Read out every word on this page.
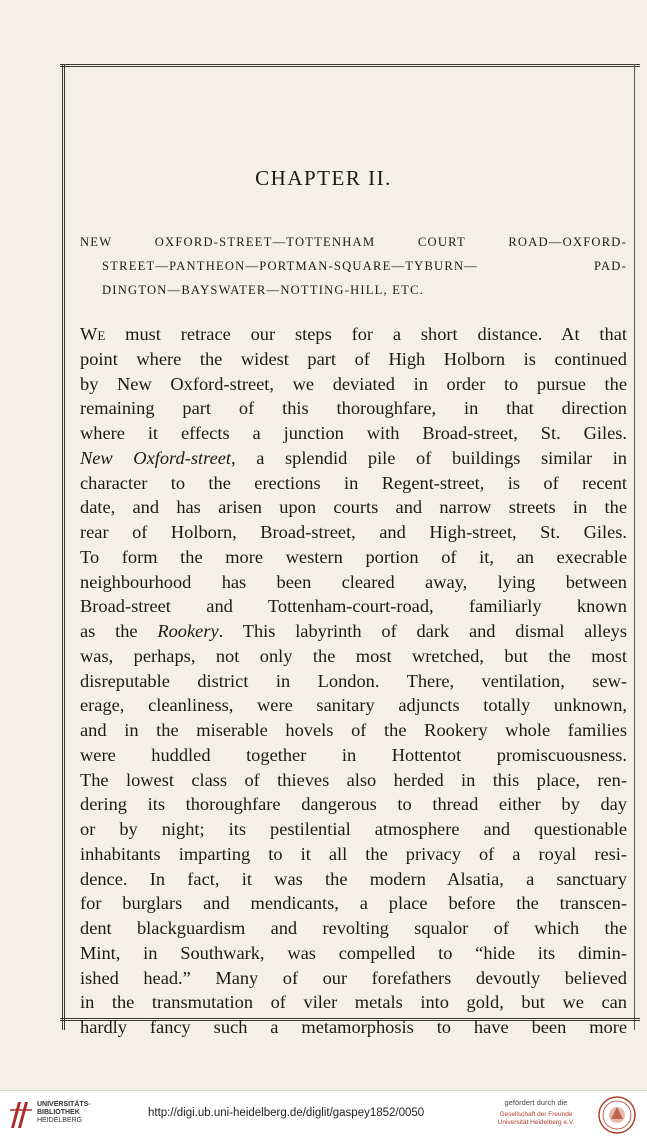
⠀
CHAPTER II.
NEW OXFORD-STREET—TOTTENHAM COURT ROAD—OXFORD-
STREET—PANTHEON—PORTMAN-SQUARE—TYBURN— PAD-
DINGTON—BAYSWATER—NOTTING-HILL, ETC.
We must retrace our steps for a short distance. At that
point where the widest part of High Holborn is continued
by New Oxford-street, we deviated in order to pursue the
remaining part of this thoroughfare, in that direction
where it effects a junction with Broad-street, St. Giles.
New Oxford-street, a splendid pile of buildings similar in
character to the erections in Regent-street, is of recent
date, and has arisen upon courts and narrow streets in the
rear of Holborn, Broad-street, and High-street, St. Giles.
To form the more western portion of it, an execrable
neighbourhood has been cleared away, lying between
Broad-street and Tottenham-court-road, familiarly known
as the Rookery. This labyrinth of dark and dismal alleys
was, perhaps, not only the most wretched, but the most
disreputable district in London. There, ventilation, sew-
erage, cleanliness, were sanitary adjuncts totally unknown,
and in the miserable hovels of the Rookery whole families
were huddled together in Hottentot promiscuousness.
The lowest class of thieves also herded in this place, ren-
dering its thoroughfare dangerous to thread either by day
or by night; its pestilential atmosphere and questionable
inhabitants imparting to it all the privacy of a royal resi-
dence. In fact, it was the modern Alsatia, a sanctuary
for burglars and mendicants, a place before the transcen-
dent blackguardism and revolting squalor of which the
Mint, in Southwark, was compelled to “hide its dimin-
ished head.” Many of our forefathers devoutly believed
in the transmutation of viler metals into gold, but we can
hardly fancy such a metamorphosis to have been more
UNIVERSITÄTS-
BIBLIOTHEK
HEIDELBERG
http://digi.ub.uni-heidelberg.de/diglit/gaspey1852/0050
gefördert durch die
Gesellschaft der Freunde
Universität Heidelberg e.V.
